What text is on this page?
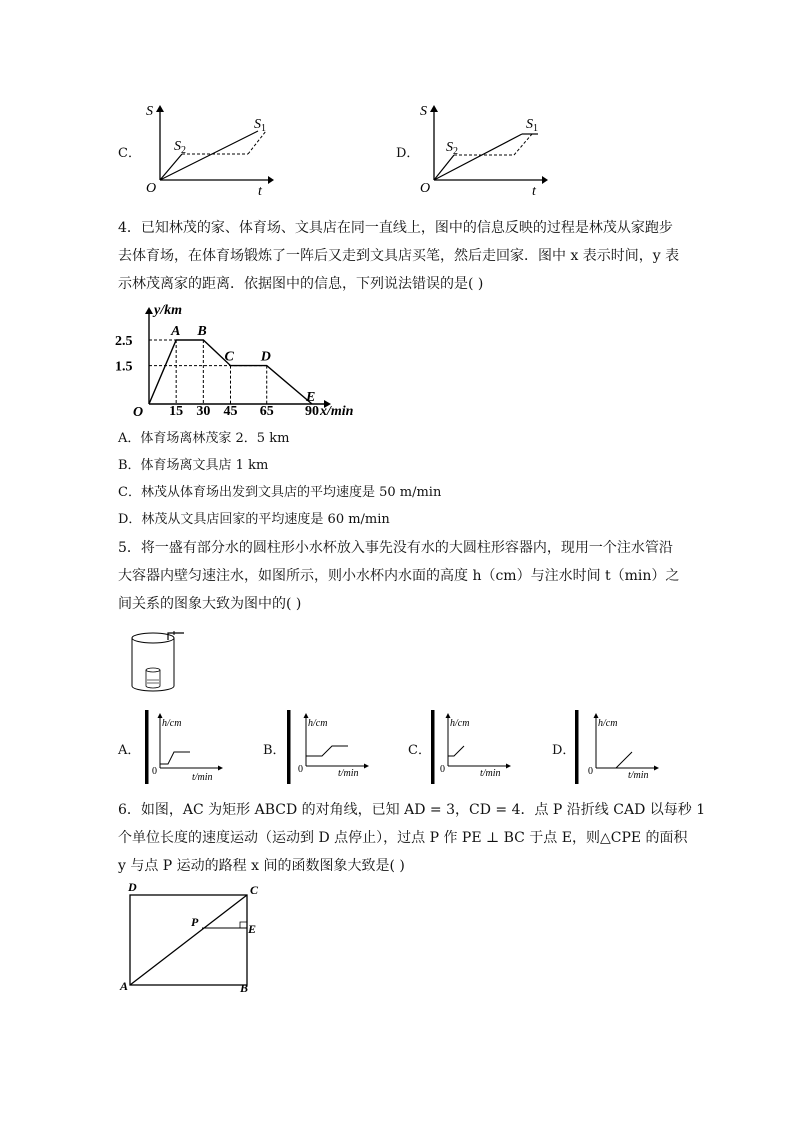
C．
S
t
O
$S_1$
$S_2$	D．
S
t
O
$S_1$
$S_2$
4．已知林茂的家、体育场、文具店在同一直线上，图中的信息反映的过程是林茂从家跑步
去体育场，在体育场锻炼了一阵后又走到文具店买笔，然后走回家．图中 x 表示时间，y 表
示林茂离家的距离．依据图中的信息，下列说法错误的是( )
y/km
x/min
2.5
1.5
15 30 45 65 90
O
A B
C D
E
A．体育场离林茂家 2．5 km
B．体育场离文具店 1 km
C．林茂从体育场出发到文具店的平均速度是 50 m/min
D．林茂从文具店回家的平均速度是 60 m/min
5．将一盛有部分水的圆柱形小水杯放入事先没有水的大圆柱形容器内，现用一个注水管沿
大容器内壁匀速注水，如图所示，则小水杯内水面的高度 h（cm）与注水时间 t（min）之
间关系的图象大致为图中的( )
A．
h/cm
0
t/min
B．
h/cm
0	t/min
C．
h/cm
0	t/min
D．
h/cm
0	t/min
6．如图，AC 为矩形 ABCD 的对角线，已知 AD = 3，CD = 4．点 P 沿折线 CAD 以每秒 1
个单位长度的速度运动（运动到 D 点停止），过点 P 作 PE ⊥ BC 于点 E，则△CPE 的面积
y 与点 P 运动的路程 x 间的函数图象大致是( )
D	C
P	E
A	B
